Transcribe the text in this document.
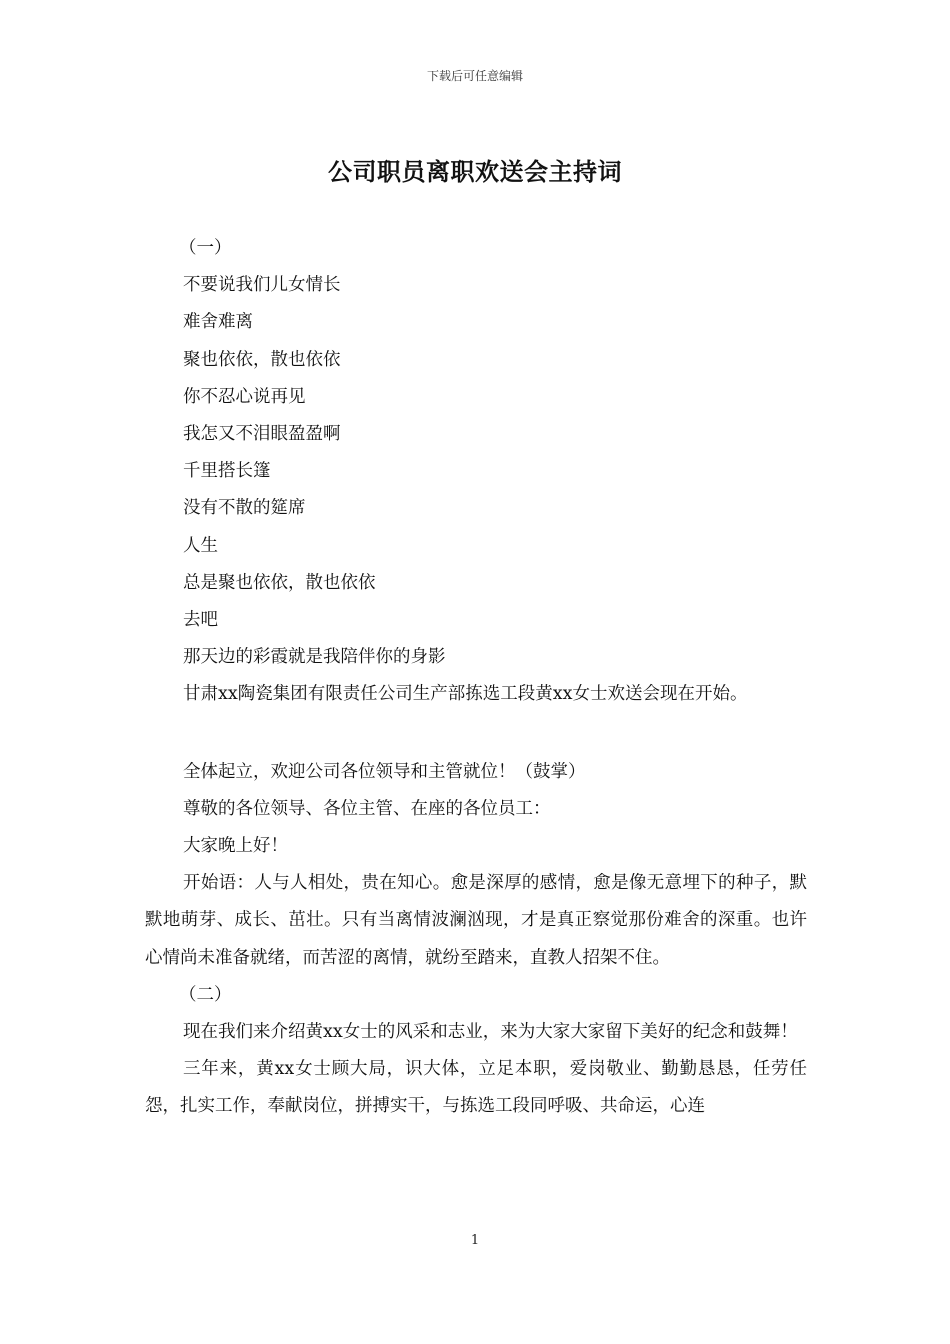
下载后可任意编辑
公司职员离职欢送会主持词
（一）
不要说我们儿女情长
难舍难离
聚也依依，散也依依
你不忍心说再见
我怎又不泪眼盈盈啊
千里搭长篷
没有不散的筵席
人生
总是聚也依依，散也依依
去吧
那天边的彩霞就是我陪伴你的身影
甘肃xx陶瓷集团有限责任公司生产部拣选工段黄xx女士欢送会现在开始。
全体起立，欢迎公司各位领导和主管就位！（鼓掌）
尊敬的各位领导、各位主管、在座的各位员工：
大家晚上好！
开始语：人与人相处，贵在知心。愈是深厚的感情，愈是像无意埋下的种子，默默地萌芽、成长、茁壮。只有当离情波澜汹现，才是真正察觉那份难舍的深重。也许心情尚未准备就绪，而苦涩的离情，就纷至踏来，直教人招架不住。
（二）
现在我们来介绍黄xx女士的风采和志业，来为大家大家留下美好的纪念和鼓舞！
三年来，黄xx女士顾大局，识大体，立足本职，爱岗敬业、勤勤恳恳，任劳任怨，扎实工作，奉献岗位，拼搏实干，与拣选工段同呼吸、共命运，心连
1
